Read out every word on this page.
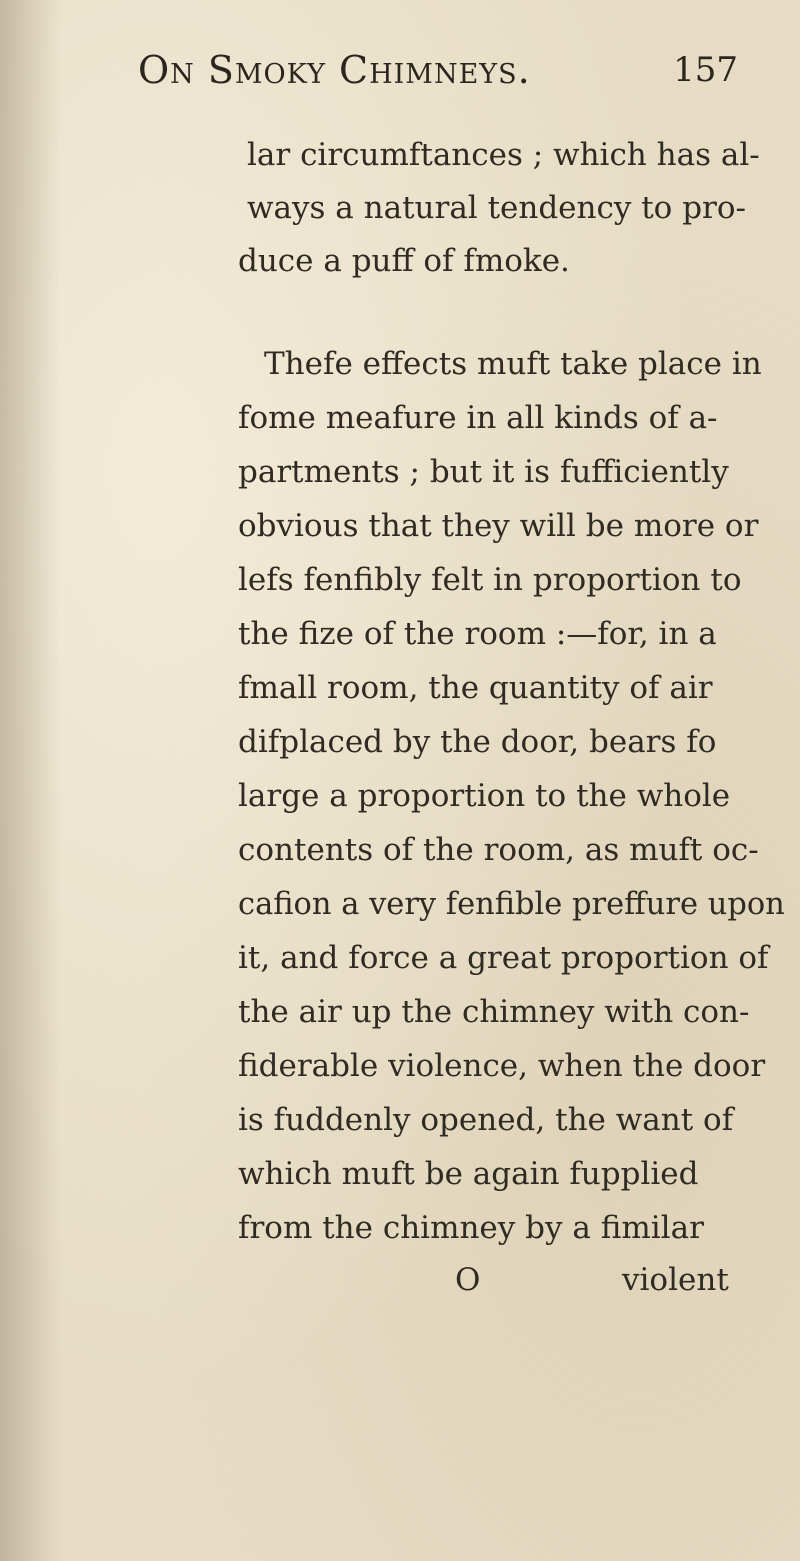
On Smoky Chimneys.	157
lar circumftances ; which has al-
ways a natural tendency to pro-
duce a puff of fmoke.
Thefe effects muft take place in
fome meafure in all kinds of a-
partments ; but it is fufficiently
obvious that they will be more or
lefs fenfibly felt in proportion to
the fize of the room :—for, in a
fmall room, the quantity of air
difplaced by the door, bears fo
large a proportion to the whole
contents of the room, as muft oc-
cafion a very fenfible preffure upon
it, and force a great proportion of
the air up the chimney with con-
fiderable violence, when the door
is fuddenly opened, the want of
which muft be again fupplied
from the chimney by a fimilar
O	violent
